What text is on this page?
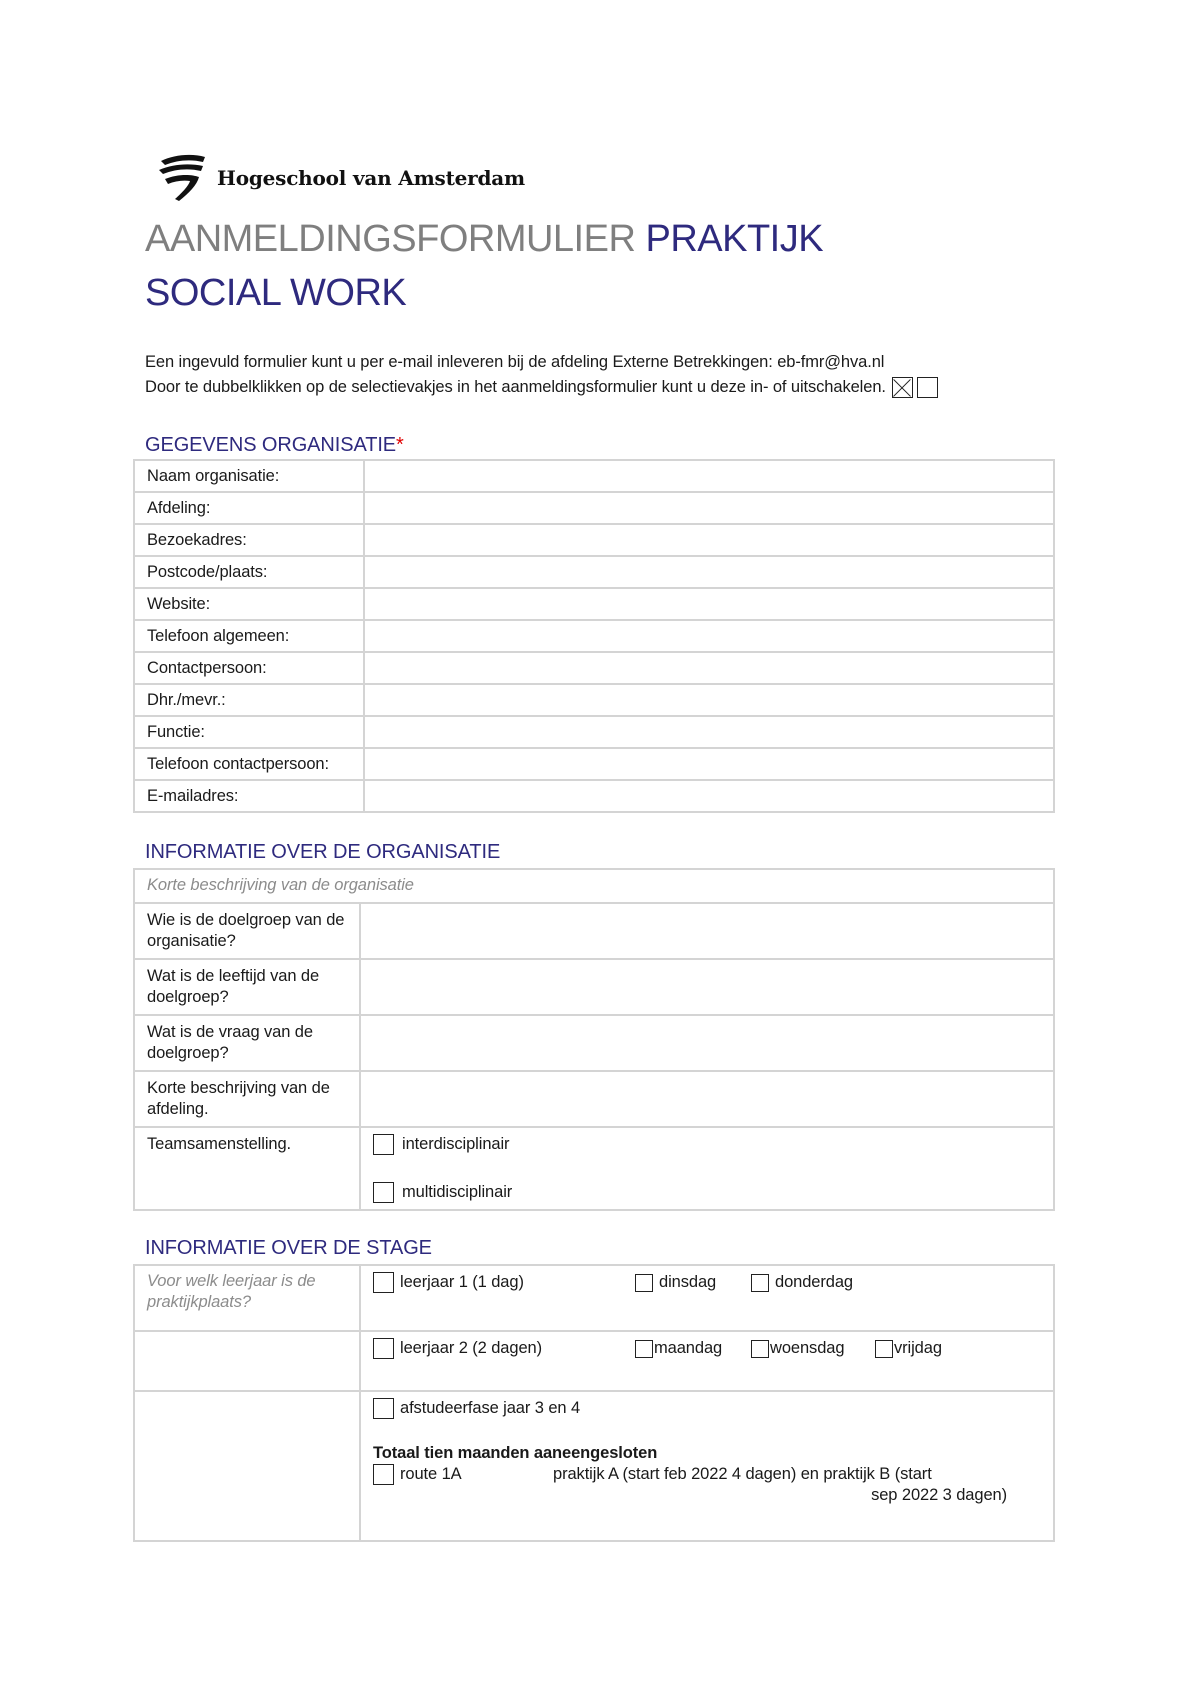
Hogeschool van Amsterdam
AANMELDINGSFORMULIER PRAKTIJK
SOCIAL WORK
Een ingevuld formulier kunt u per e-mail inleveren bij de afdeling Externe Betrekkingen: eb-fmr@hva.nl
Door te dubbelklikken op de selectievakjes in het aanmeldingsformulier kunt u deze in- of uitschakelen.
GEGEVENS ORGANISATIE*
Naam organisatie:	
Afdeling:	
Bezoekadres:	
Postcode/plaats:	
Website:	
Telefoon algemeen:	
Contactpersoon:	
Dhr./mevr.:	
Functie:	
Telefoon contactpersoon:	
E-mailadres:	
INFORMATIE OVER DE ORGANISATIE
Korte beschrijving van de organisatie	
Wie is de doelgroep van de organisatie?	
Wat is de leeftijd van de doelgroep?	
Wat is de vraag van de doelgroep?	
Korte beschrijving van de afdeling.	
Teamsamenstelling.	interdisciplinair
multidisciplinair
INFORMATIE OVER DE STAGE
Voor welk leerjaar is de praktijkplaats?	leerjaar 1 (1 dag) dinsdag donderdag

	leerjaar 2 (2 dagen) maandag woensdag vrijdag

	afstudeerfase jaar 3 en 4
Totaal tien maanden aaneengesloten
route 1A praktijk A (start feb 2022 4 dagen) en praktijk B (start
sep 2022 3 dagen)
